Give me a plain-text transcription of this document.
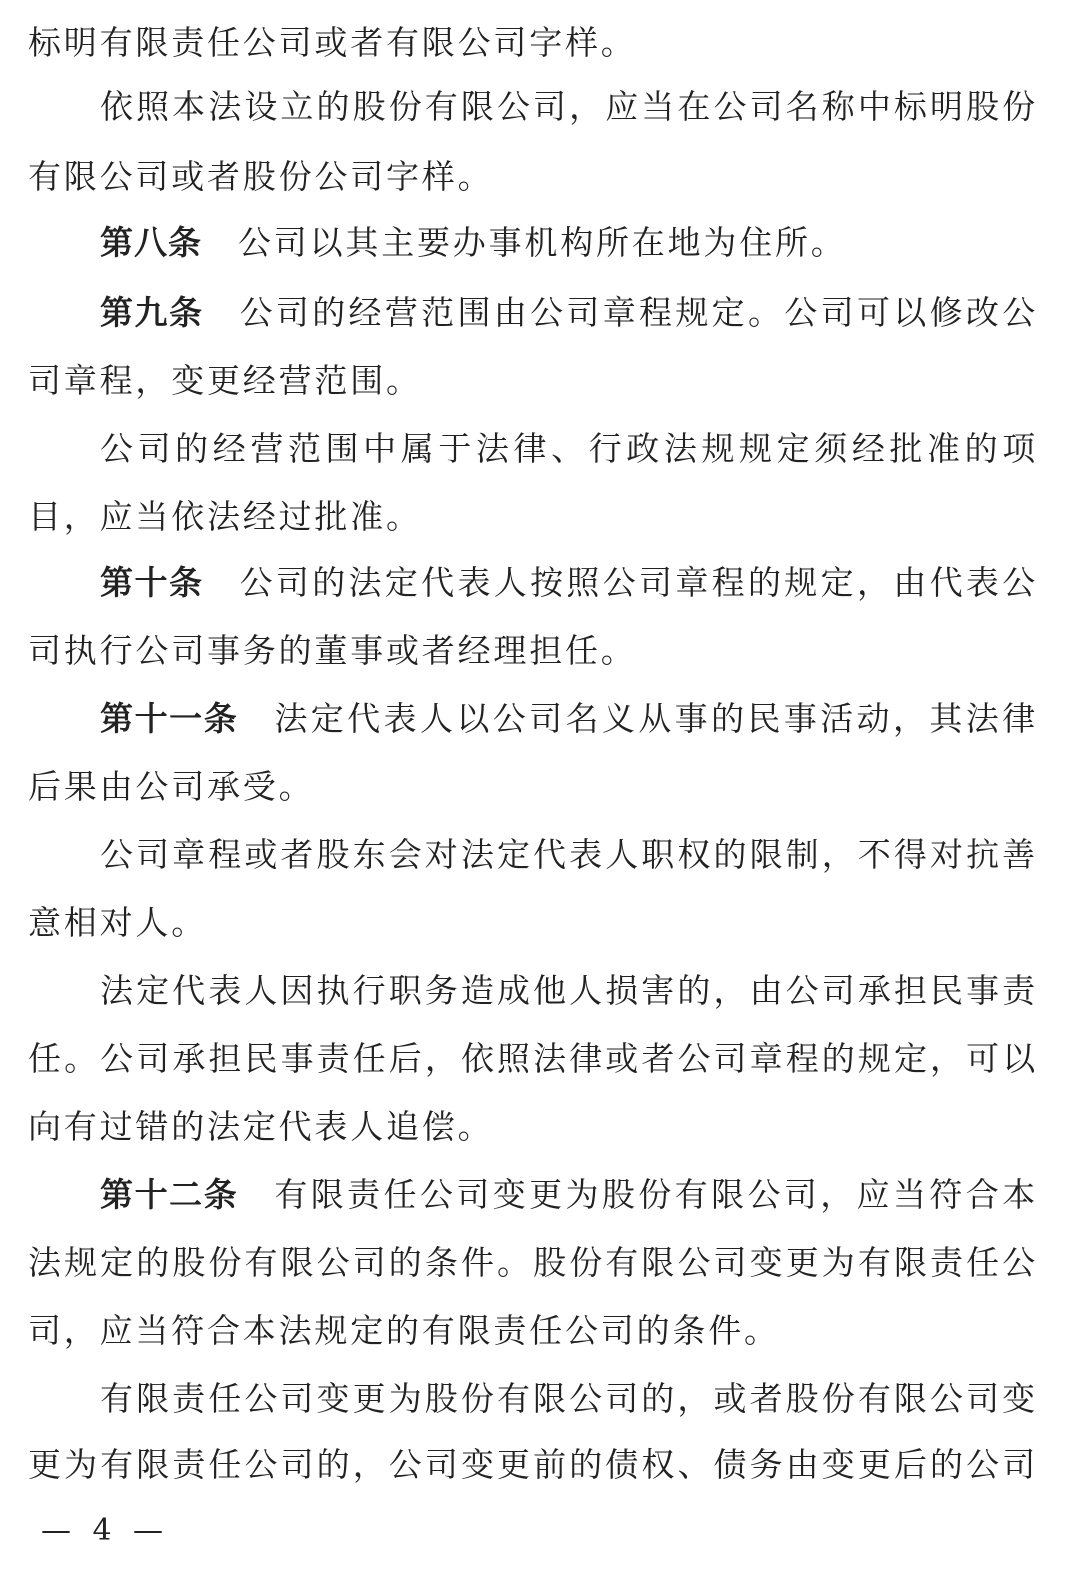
标明有限责任公司或者有限公司字样。
依照本法设立的股份有限公司，应当在公司名称中标明股份
有限公司或者股份公司字样。
第八条 公司以其主要办事机构所在地为住所。
第九条 公司的经营范围由公司章程规定。公司可以修改公
司章程，变更经营范围。
公司的经营范围中属于法律、行政法规规定须经批准的项
目，应当依法经过批准。
第十条 公司的法定代表人按照公司章程的规定，由代表公
司执行公司事务的董事或者经理担任。
第十一条 法定代表人以公司名义从事的民事活动，其法律
后果由公司承受。
公司章程或者股东会对法定代表人职权的限制，不得对抗善
意相对人。
法定代表人因执行职务造成他人损害的，由公司承担民事责
任。公司承担民事责任后，依照法律或者公司章程的规定，可以
向有过错的法定代表人追偿。
第十二条 有限责任公司变更为股份有限公司，应当符合本
法规定的股份有限公司的条件。股份有限公司变更为有限责任公
司，应当符合本法规定的有限责任公司的条件。
有限责任公司变更为股份有限公司的，或者股份有限公司变
更为有限责任公司的，公司变更前的债权、债务由变更后的公司
— 4 —
